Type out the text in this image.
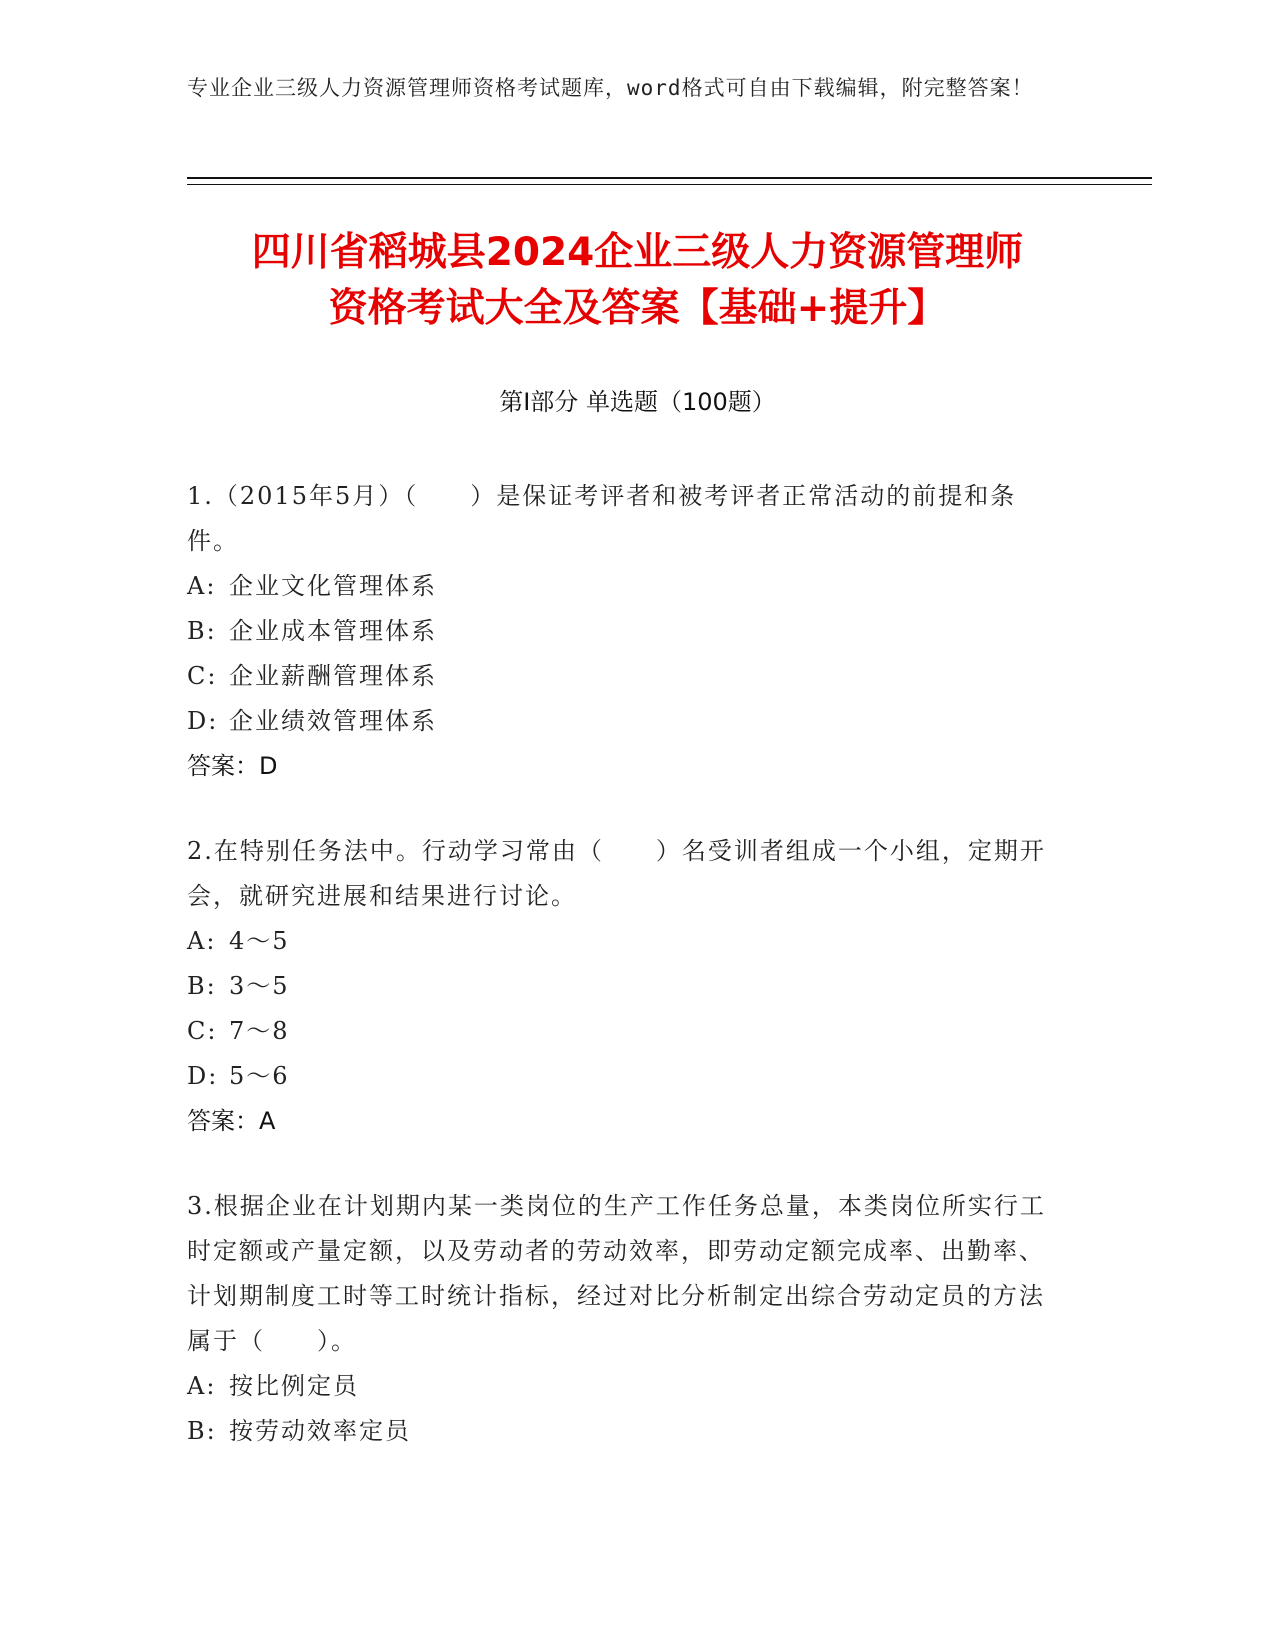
专业企业三级人力资源管理师资格考试题库，word格式可自由下载编辑，附完整答案！
四川省稻城县2024企业三级人力资源管理师
资格考试大全及答案【基础+提升】
第Ⅰ部分 单选题（100题）
1.（2015年5月）（　　）是保证考评者和被考评者正常活动的前提和条件。
A: 企业文化管理体系
B: 企业成本管理体系
C: 企业薪酬管理体系
D: 企业绩效管理体系
答案：D
2.在特别任务法中。行动学习常由（　　）名受训者组成一个小组，定期开会，就研究进展和结果进行讨论。
A: 4～5
B: 3～5
C: 7～8
D: 5～6
答案：A
3.根据企业在计划期内某一类岗位的生产工作任务总量，本类岗位所实行工时定额或产量定额，以及劳动者的劳动效率，即劳动定额完成率、出勤率、计划期制度工时等工时统计指标，经过对比分析制定出综合劳动定员的方法属于（　　）。
A: 按比例定员
B: 按劳动效率定员
